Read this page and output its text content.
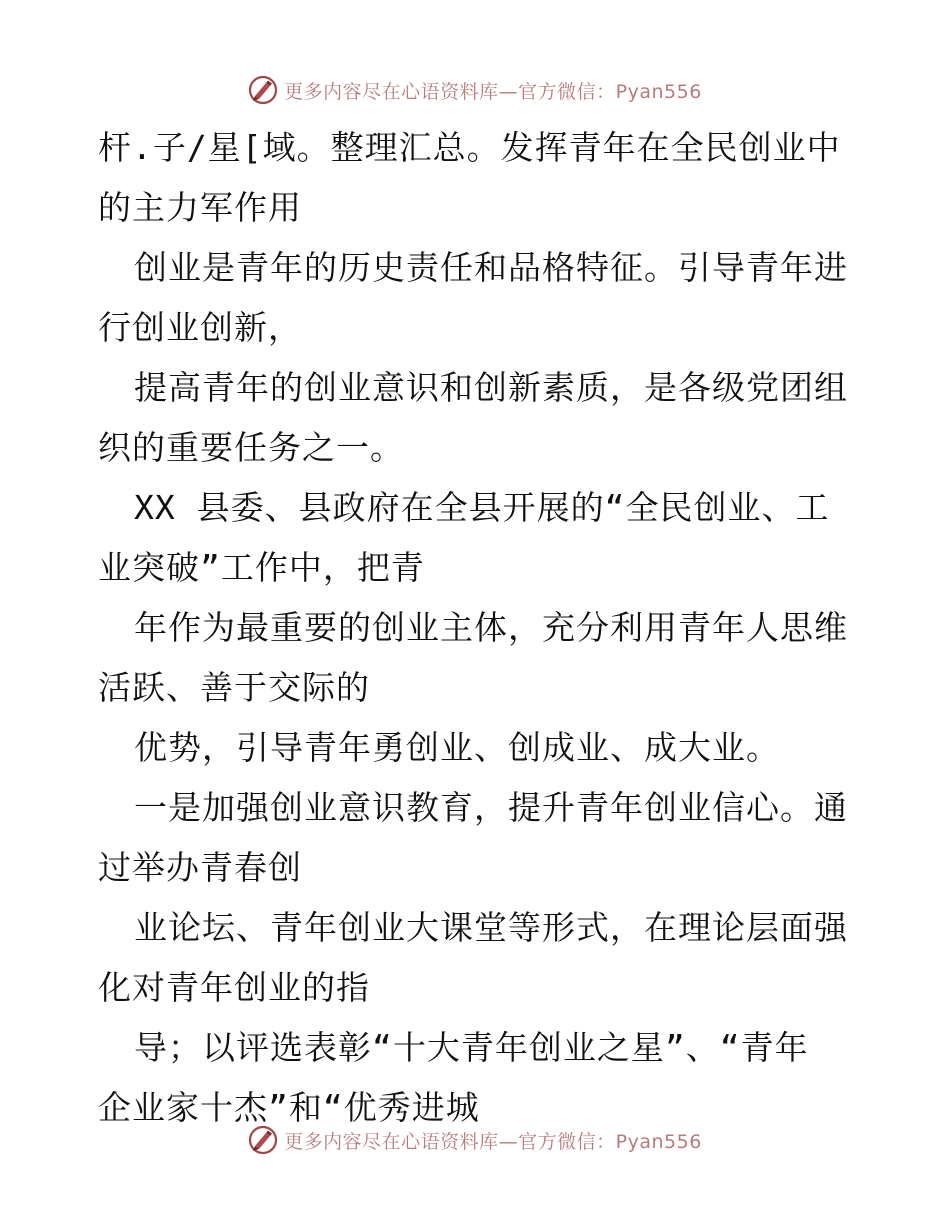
更多内容尽在心语资料库—官方微信：Pyan556
杆.子/星[域。整理汇总。发挥青年在全民创业中
的主力军作用
创业是青年的历史责任和品格特征。引导青年进
行创业创新，
提高青年的创业意识和创新素质，是各级党团组
织的重要任务之一。
XX 县委、县政府在全县开展的“全民创业、工
业突破”工作中，把青
年作为最重要的创业主体，充分利用青年人思维
活跃、善于交际的
优势，引导青年勇创业、创成业、成大业。
一是加强创业意识教育，提升青年创业信心。通
过举办青春创
业论坛、青年创业大课堂等形式，在理论层面强
化对青年创业的指
导；以评选表彰“十大青年创业之星”、“青年
企业家十杰”和“优秀进城
更多内容尽在心语资料库—官方微信：Pyan556
